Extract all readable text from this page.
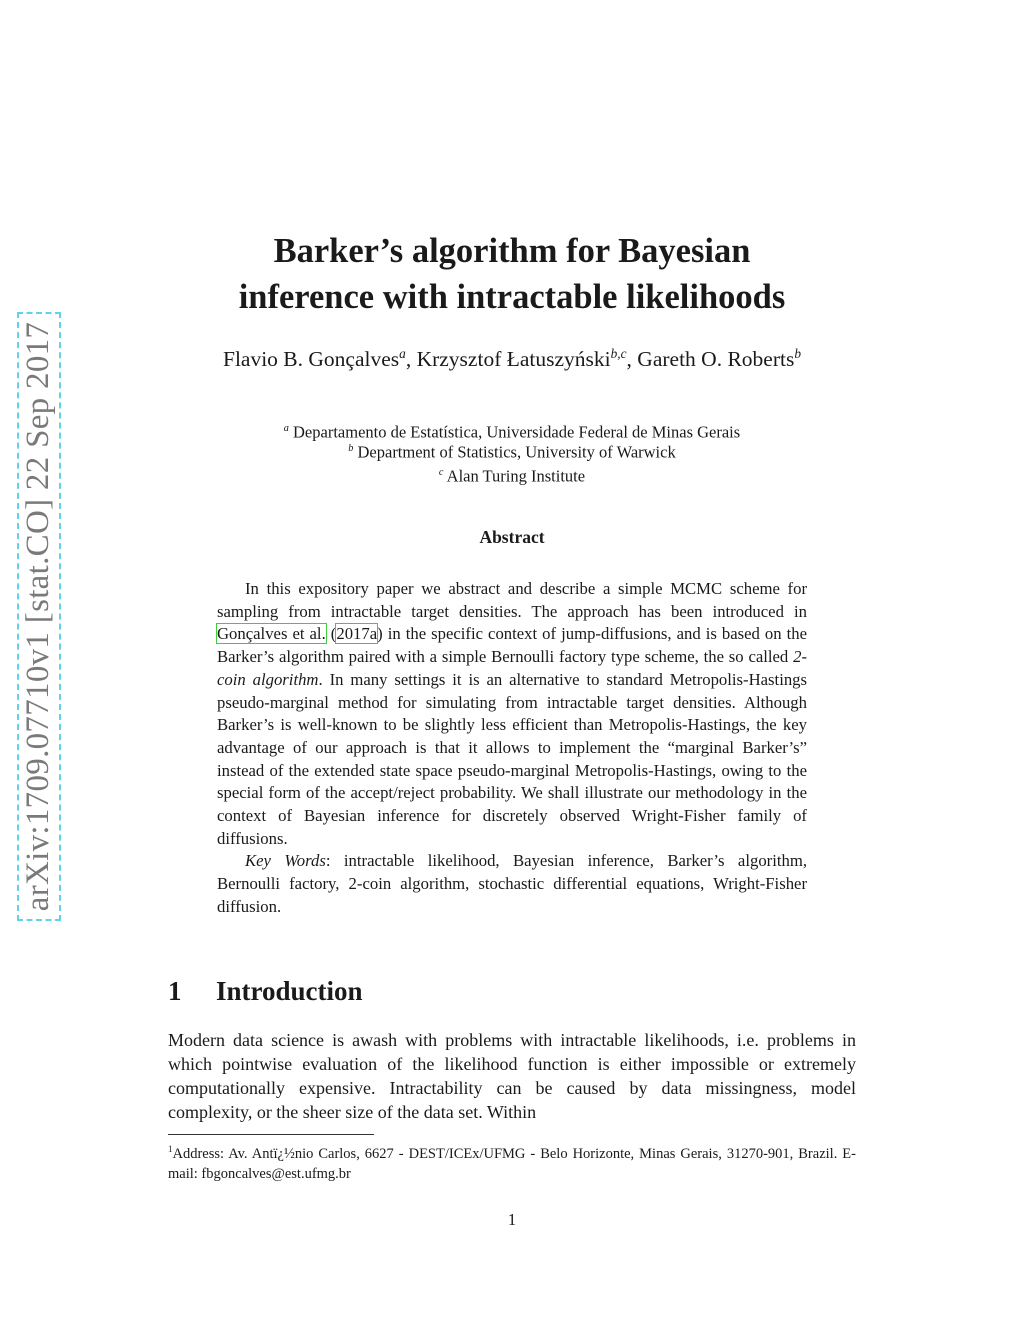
arXiv:1709.07710v1 [stat.CO] 22 Sep 2017
Barker’s algorithm for Bayesian
inference with intractable likelihoods
Flavio B. Gonçalves$^a$, Krzysztof Łatuszyński$^{b,c}$, Gareth O. Roberts$^b$
$^a$ Departamento de Estatística, Universidade Federal de Minas Gerais
$^b$ Department of Statistics, University of Warwick
$^c$ Alan Turing Institute
Abstract

In this expository paper we abstract and describe a simple MCMC scheme for sampling from intractable target densities. The approach has been introduced in Gonçalves et al. (2017a) in the specific context of jump-diffusions, and is based on the Barker’s algorithm paired with a simple Bernoulli factory type scheme, the so called 2-coin algorithm. In many settings it is an alternative to standard Metropolis-Hastings pseudo-marginal method for simulating from intractable target densities. Although Barker’s is well-known to be slightly less efficient than Metropolis-Hastings, the key advantage of our approach is that it allows to implement the “marginal Barker’s” instead of the extended state space pseudo-marginal Metropolis-Hastings, owing to the special form of the accept/reject probability. We shall illustrate our methodology in the context of Bayesian inference for discretely observed Wright-Fisher family of diffusions.

Key Words: intractable likelihood, Bayesian inference, Barker’s algorithm, Bernoulli factory, 2-coin algorithm, stochastic differential equations, Wright-Fisher diffusion.

1 Introduction

Modern data science is awash with problems with intractable likelihoods, i.e. problems in which pointwise evaluation of the likelihood function is either impossible or extremely computationally expensive. Intractability can be caused by data missingness, model complexity, or the sheer size of the data set. Within

$^1$Address: Av. Antï¿½nio Carlos, 6627 - DEST/ICEx/UFMG - Belo Horizonte, Minas Gerais, 31270-901, Brazil. E-mail: fbgoncalves@est.ufmg.br

1
